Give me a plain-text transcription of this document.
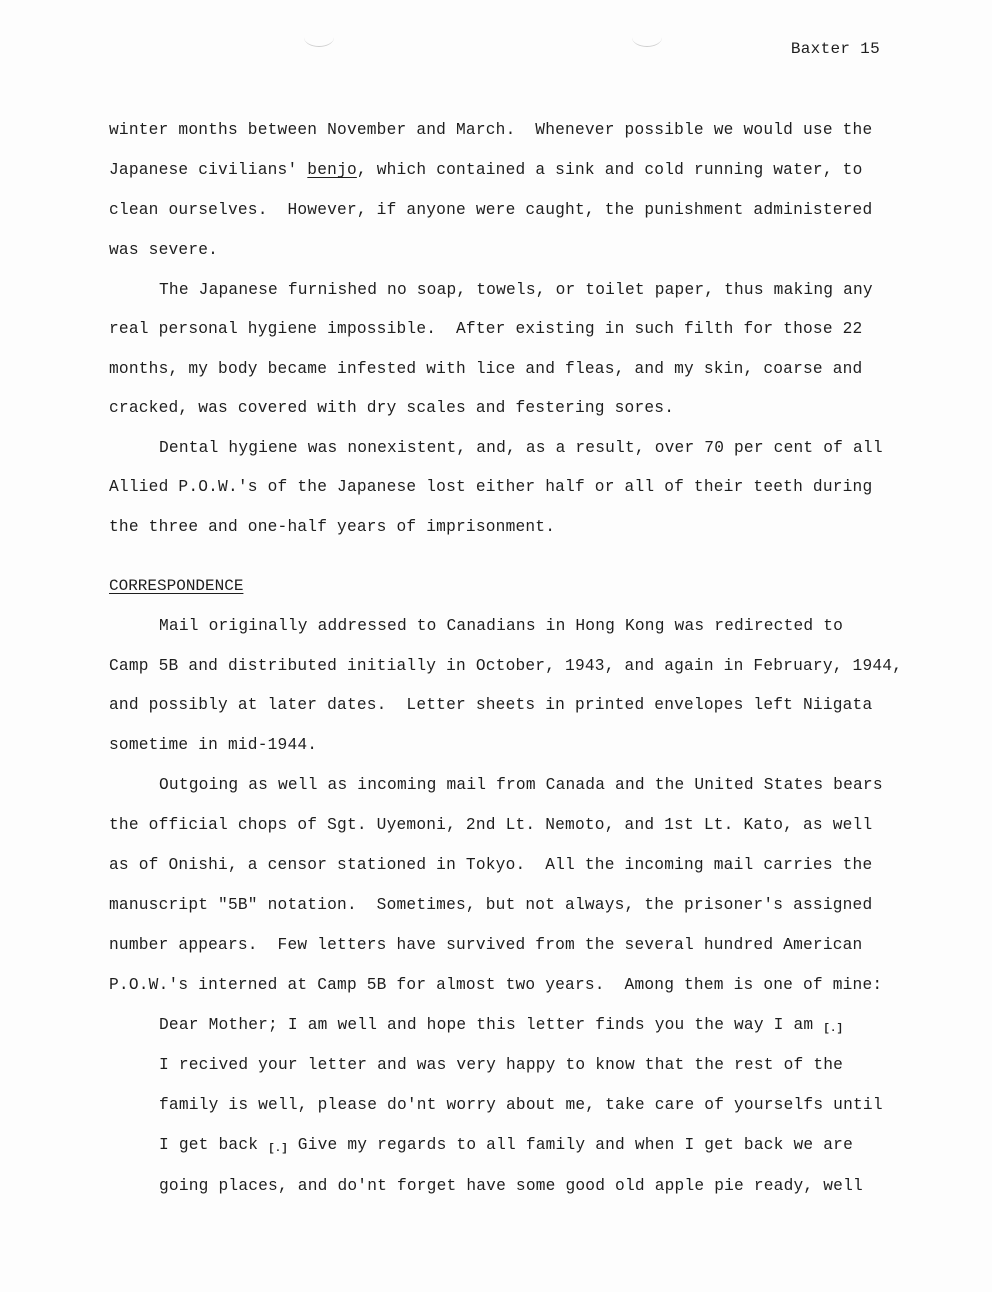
Baxter 15
winter months between November and March.  Whenever possible we would use the
Japanese civilians' benjo, which contained a sink and cold running water, to
clean ourselves.  However, if anyone were caught, the punishment administered
was severe.
The Japanese furnished no soap, towels, or toilet paper, thus making any
real personal hygiene impossible.  After existing in such filth for those 22
months, my body became infested with lice and fleas, and my skin, coarse and
cracked, was covered with dry scales and festering sores.
Dental hygiene was nonexistent, and, as a result, over 70 per cent of all
Allied P.O.W.'s of the Japanese lost either half or all of their teeth during
the three and one-half years of imprisonment.
CORRESPONDENCE
Mail originally addressed to Canadians in Hong Kong was redirected to
Camp 5B and distributed initially in October, 1943, and again in February, 1944,
and possibly at later dates.  Letter sheets in printed envelopes left Niigata
sometime in mid-1944.
Outgoing as well as incoming mail from Canada and the United States bears
the official chops of Sgt. Uyemoni, 2nd Lt. Nemoto, and 1st Lt. Kato, as well
as of Onishi, a censor stationed in Tokyo.  All the incoming mail carries the
manuscript "5B" notation.  Sometimes, but not always, the prisoner's assigned
number appears.  Few letters have survived from the several hundred American
P.O.W.'s interned at Camp 5B for almost two years.  Among them is one of mine:
Dear Mother; I am well and hope this letter finds you the way I am [.]
I recived your letter and was very happy to know that the rest of the
family is well, please do'nt worry about me, take care of yourselfs until
I get back [.] Give my regards to all family and when I get back we are
going places, and do'nt forget have some good old apple pie ready, well
